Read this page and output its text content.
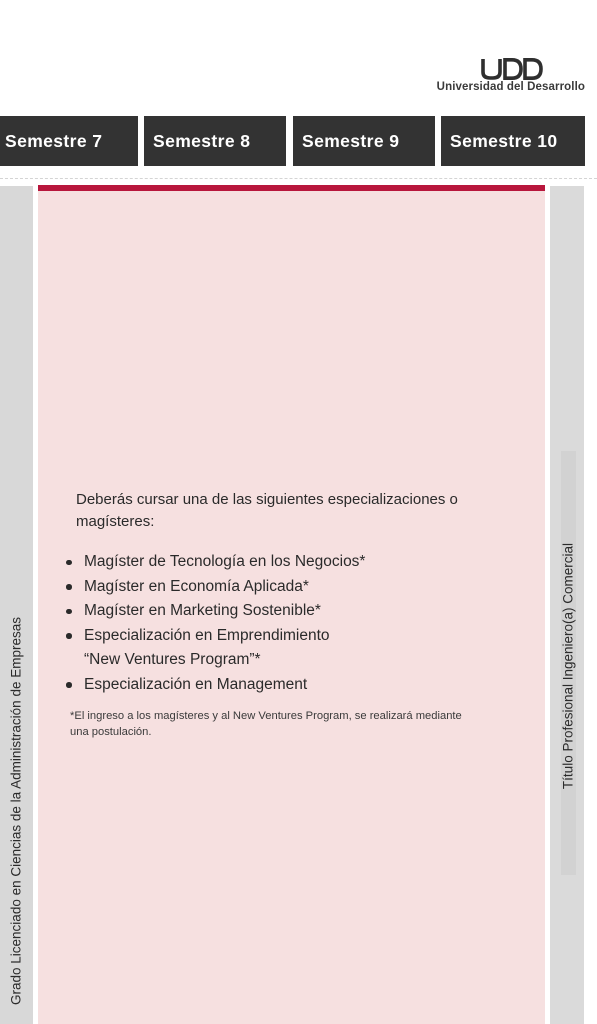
Universidad del Desarrollo
Semestre 7	Semestre 8	Semestre 9	Semestre 10
Grado Licenciado en Ciencias de la Administración de Empresas

Deberás cursar una de las siguientes especializaciones o magísteres:

Magíster de Tecnología en los Negocios*
Magíster en Economía Aplicada*
Magíster en Marketing Sostenible*
Especialización en Emprendimiento
“New Ventures Program”*
Especialización en Management

*El ingreso a los magísteres y al New Ventures Program, se realizará mediante una postulación.	Título Profesional Ingeniero(a) Comercial
